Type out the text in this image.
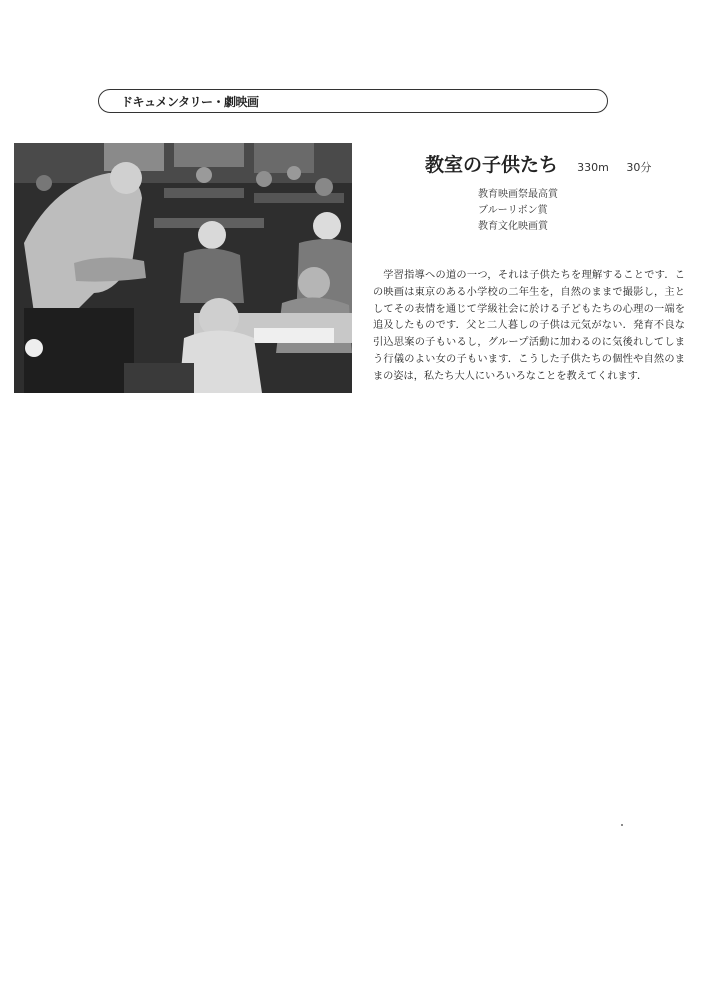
ドキュメンタリー・劇映画
教室の子供たち 330m 30分
教育映画祭最高賞
ブルーリボン賞
教育文化映画賞

学習指導への道の一つ，それは子供たちを理解することです．この映画は東京のある小学校の二年生を，自然のままで撮影し，主としてその表情を通じて学級社会に於ける子どもたちの心理の一端を追及したものです．父と二人暮しの子供は元気がない．発育不良な引込思案の子もいるし，グループ活動に加わるのに気後れしてしまう行儀のよい女の子もいます．こうした子供たちの個性や自然のままの姿は，私たち大人にいろいろなことを教えてくれます．
